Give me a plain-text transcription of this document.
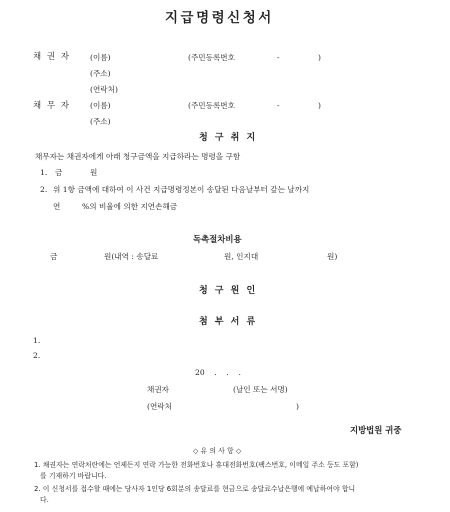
지급명령신청서
채 권 자	(이름)	(주민등록번호	-	)
(주소)
(연락처)
채 무 자	(이름)	(주민등록번호	-	)
(주소)
청 구 취 지
채무자는 채권자에게 아래 청구금액을 지급하라는 명령을 구함
1. 금	원
2. 위 1항 금액에 대하여 이 사건 지급명령정본이 송달된 다음날부터 갚는 날까지
연	%의 비율에 의한 지연손해금
독촉절차비용
금	원(내역 : 송달료	원, 인지대	원)
청 구 원 인
첨 부 서 류
1.
2.
20    .    .    .
채권자	(날인 또는 서명)
(연락처	)
지방법원 귀중
◇ 유 의 사 항 ◇
1. 채권자는 연락처란에는 언제든지 연락 가능한 전화번호나 휴대전화번호(팩스번호, 이메일 주소 등도 포함)
를 기재하기 바랍니다.
2. 이 신청서를 접수할 때에는 당사자 1인당 6회분의 송달료를 현금으로 송달료수납은행에 예납하여야 합니
다.
